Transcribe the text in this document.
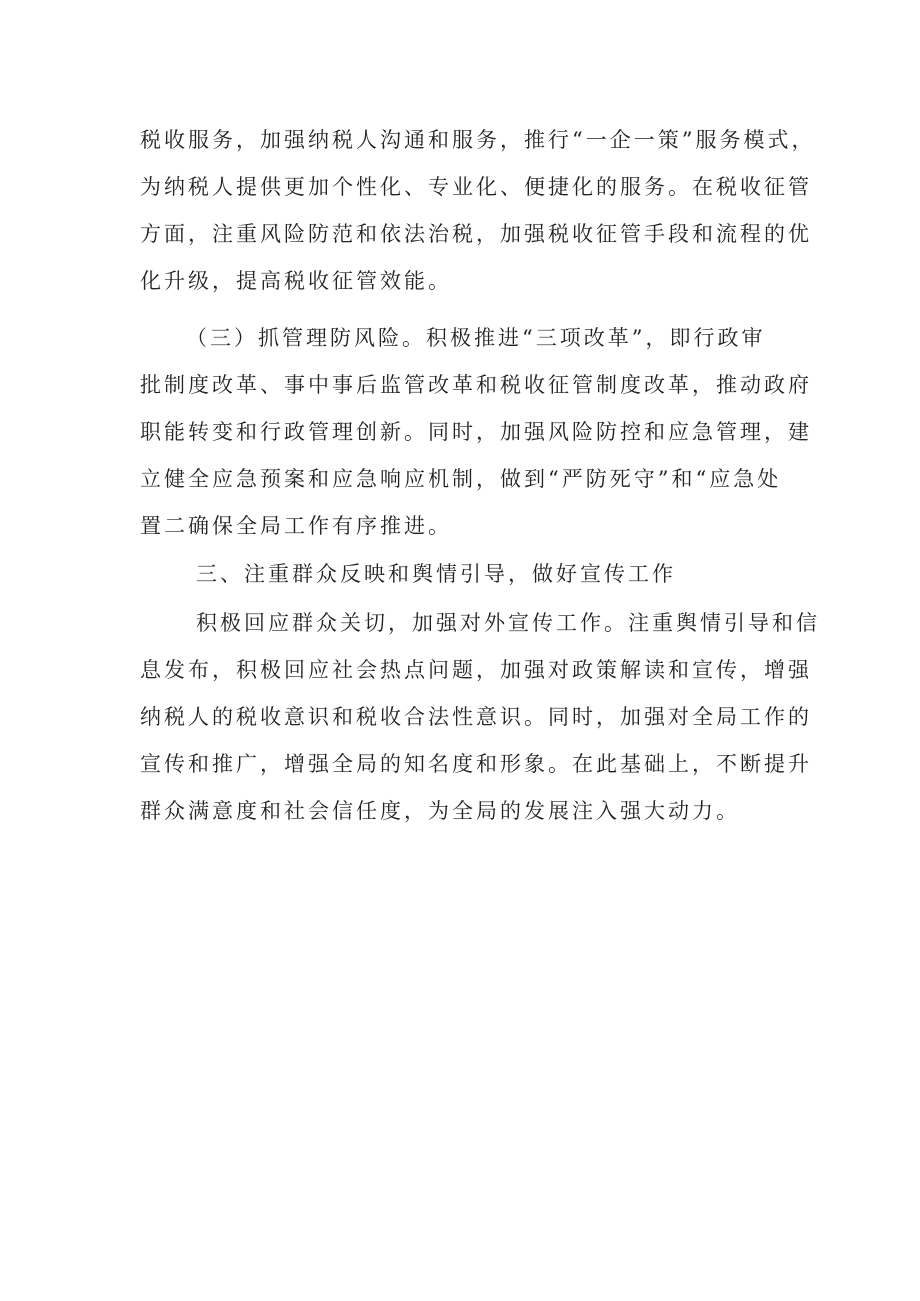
税收服务，加强纳税人沟通和服务，推行“一企一策”服务模式，
为纳税人提供更加个性化、专业化、便捷化的服务。在税收征管
方面，注重风险防范和依法治税，加强税收征管手段和流程的优
化升级，提高税收征管效能。
（三）抓管理防风险。积极推进“三项改革”，即行政审
批制度改革、事中事后监管改革和税收征管制度改革，推动政府
职能转变和行政管理创新。同时，加强风险防控和应急管理，建
立健全应急预案和应急响应机制，做到“严防死守”和“应急处
置二确保全局工作有序推进。
三、注重群众反映和舆情引导，做好宣传工作
积极回应群众关切，加强对外宣传工作。注重舆情引导和信
息发布，积极回应社会热点问题，加强对政策解读和宣传，增强
纳税人的税收意识和税收合法性意识。同时，加强对全局工作的
宣传和推广，增强全局的知名度和形象。在此基础上，不断提升
群众满意度和社会信任度，为全局的发展注入强大动力。
